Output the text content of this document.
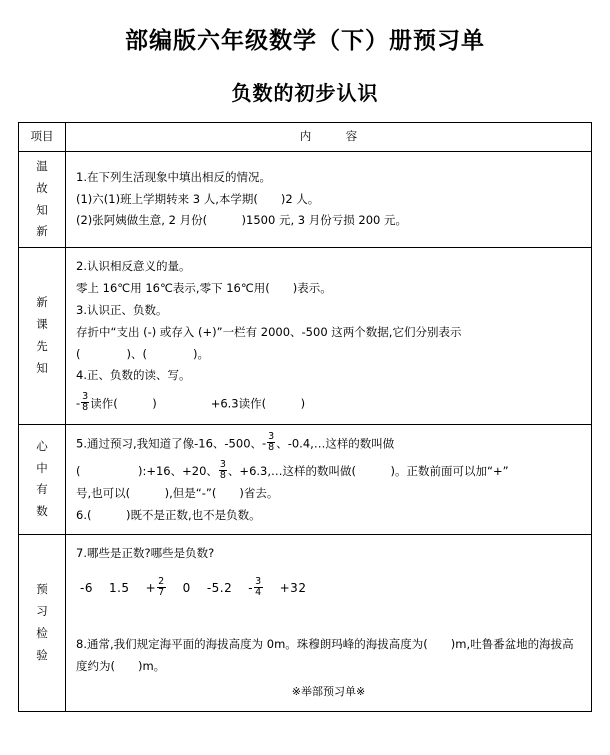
部编版六年级数学（下）册预习单
负数的初步认识
项目	内　　　容

温
故
知
新

1.在下列生活现象中填出相反的情况。
(1)六(1)班上学期转来 3 人,本学期(　　)2 人。
(2)张阿姨做生意, 2 月份(　　　)1500 元, 3 月份亏损 200 元。

新
课
先
知

2.认识相反意义的量。
零上 16℃用 16℃表示,零下 16℃用(　　)表示。
3.认识正、负数。
存折中“支出 (-) 或存入 (+)”一栏有 2000、-500 这两个数据,它们分别表示
(　　　　)、(　　　　)。
4.正、负数的读、写。
- $\frac{3}{8}$ 读作(　　　)	+6.3读作(　　　)

心
中
有
数

5.通过预习,我知道了像-16、-500、- $\frac{3}{8}$ 、-0.4,…这样的数叫做
(　　　　　):+16、+20、 $\frac{3}{8}$ 、+6.3,…这样的数叫做(　　　)。正数前面可以加“+”
号,也可以(　　　),但是“-”(　　)省去。
6.(　　　)既不是正数,也不是负数。

预
习
检
验

7.哪些是正数?哪些是负数?
-6 $1.5 + \frac{2}{7} 0$ $-5.2 - \frac{3}{4} +32$
8.通常,我们规定海平面的海拔高度为 0m。珠穆朗玛峰的海拔高度为(　　)m,吐鲁番盆地的海拔高度约为(　　)m。
※举部预习单※
